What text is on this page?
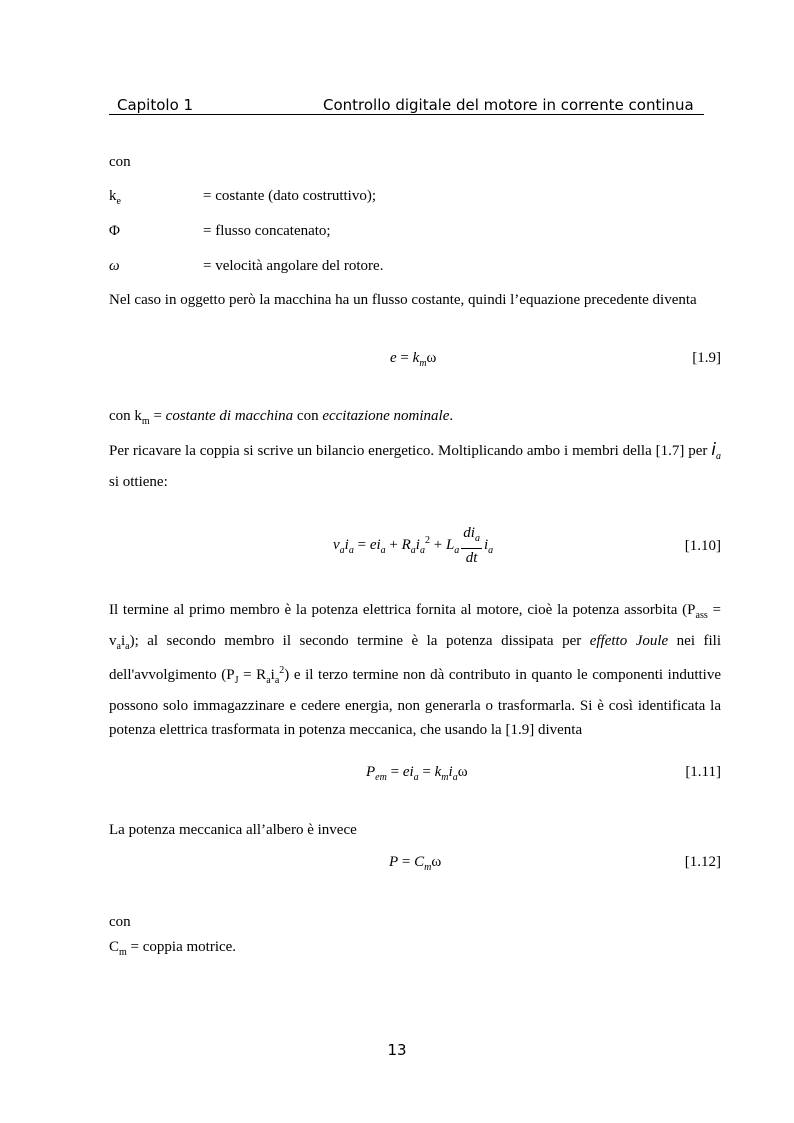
Capitolo 1	Controllo digitale del motore in corrente continua
con
$k_e$	= costante (dato costruttivo);
Φ	= flusso concatenato;
ω	= velocità angolare del rotore.
Nel caso in oggetto però la macchina ha un flusso costante, quindi l’equazione precedente diventa
$e = k_m\omega$	[1.9]
con $k_m$ = costante di macchina con eccitazione nominale.
Per ricavare la coppia si scrive un bilancio energetico. Moltiplicando ambo i membri della [1.7] per $i_a$ si ottiene:
$v_ai_a = ei_a + R_ai_a^2 + L_a \frac{di_a}{dt} i_a$	[1.10]
Il termine al primo membro è la potenza elettrica fornita al motore, cioè la potenza assorbita $(P_{ass} = v_ai_a)$; al secondo membro il secondo termine è la potenza dissipata per effetto Joule nei fili dell'avvolgimento $(P_J = R_ai_a^2)$ e il terzo termine non dà contributo in quanto le componenti induttive possono solo immagazzinare e cedere energia, non generarla o trasformarla. Si è così identificata la potenza elettrica trasformata in potenza meccanica, che usando la [1.9] diventa
$P_{em} = ei_a = k_mi_a\omega$	[1.11]
La potenza meccanica all’albero è invece
$P = C_m\omega$	[1.12]
con
$C_m$ = coppia motrice.
13
